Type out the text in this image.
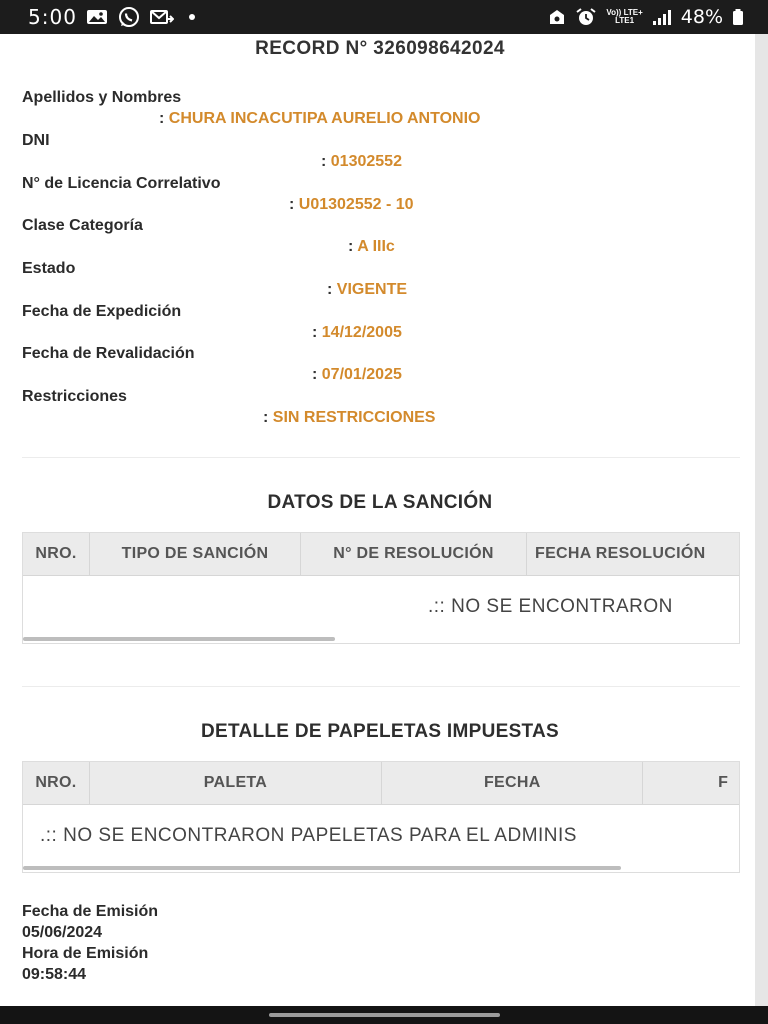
5:00	Vo)) LTE+
LTE1	48%
RECORD N° 326098642024
Apellidos y Nombres
: CHURA INCACUTIPA AURELIO ANTONIO
DNI
: 01302552
N° de Licencia Correlativo
: U01302552 - 10
Clase Categoría
: A IIIc
Estado
: VIGENTE
Fecha de Expedición
: 14/12/2005
Fecha de Revalidación
: 07/01/2025
Restricciones
: SIN RESTRICCIONES
DATOS DE LA SANCIÓN
NRO.	TIPO DE SANCIÓN	N° DE RESOLUCIÓN	FECHA RESOLUCIÓN
.:: NO SE ENCONTRARON
DETALLE DE PAPELETAS IMPUESTAS
NRO.	PALETA	FECHA	F
.:: NO SE ENCONTRARON PAPELETAS PARA EL ADMINIS
Fecha de Emisión
05/06/2024
Hora de Emisión
09:58:44
